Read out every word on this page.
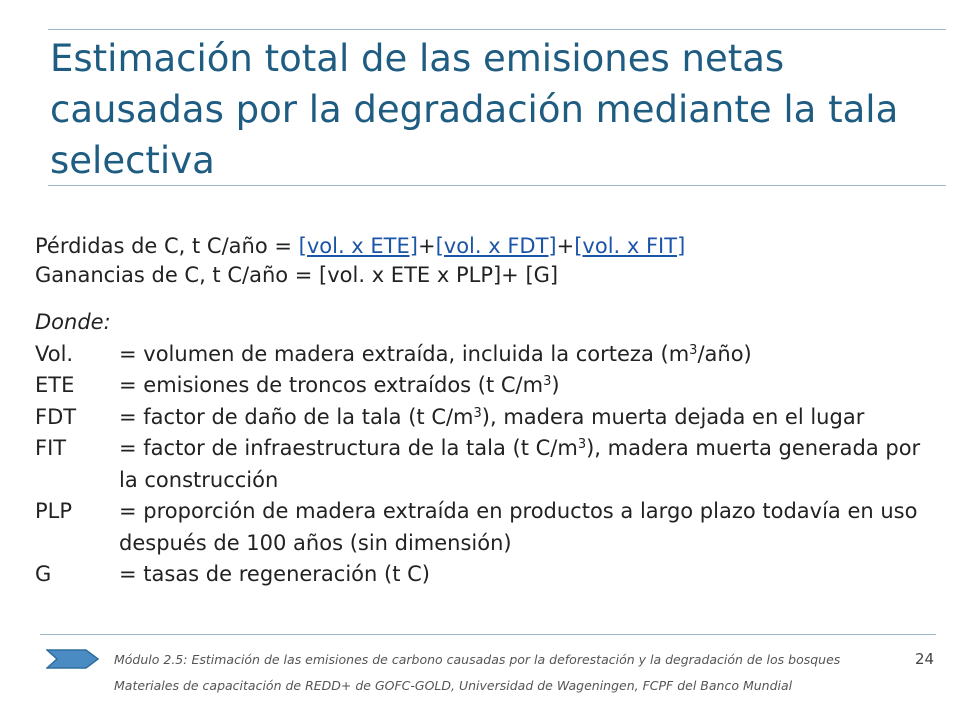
Estimación total de las emisiones netas causadas por la degradación mediante la tala selectiva
Pérdidas de C, t C/año = [vol. x ETE]+[vol. x FDT]+[vol. x FIT]
Ganancias de C, t C/año = [vol. x ETE x PLP]+ [G]
Donde:
Vol.	= volumen de madera extraída, incluida la corteza $(m^3/año)$
ETE	= emisiones de troncos extraídos (t $C/m^3$)
FDT	= factor de daño de la tala (t $C/m^3$), madera muerta dejada en el lugar
FIT	= factor de infraestructura de la tala (t $C/m^3$), madera muerta generada por la construcción
PLP	= proporción de madera extraída en productos a largo plazo todavía en uso después de 100 años (sin dimensión)
G	= tasas de regeneración (t C)
Módulo 2.5: Estimación de las emisiones de carbono causadas por la deforestación y la degradación de los bosques	24
Materiales de capacitación de REDD+ de GOFC-GOLD, Universidad de Wageningen, FCPF del Banco Mundial
